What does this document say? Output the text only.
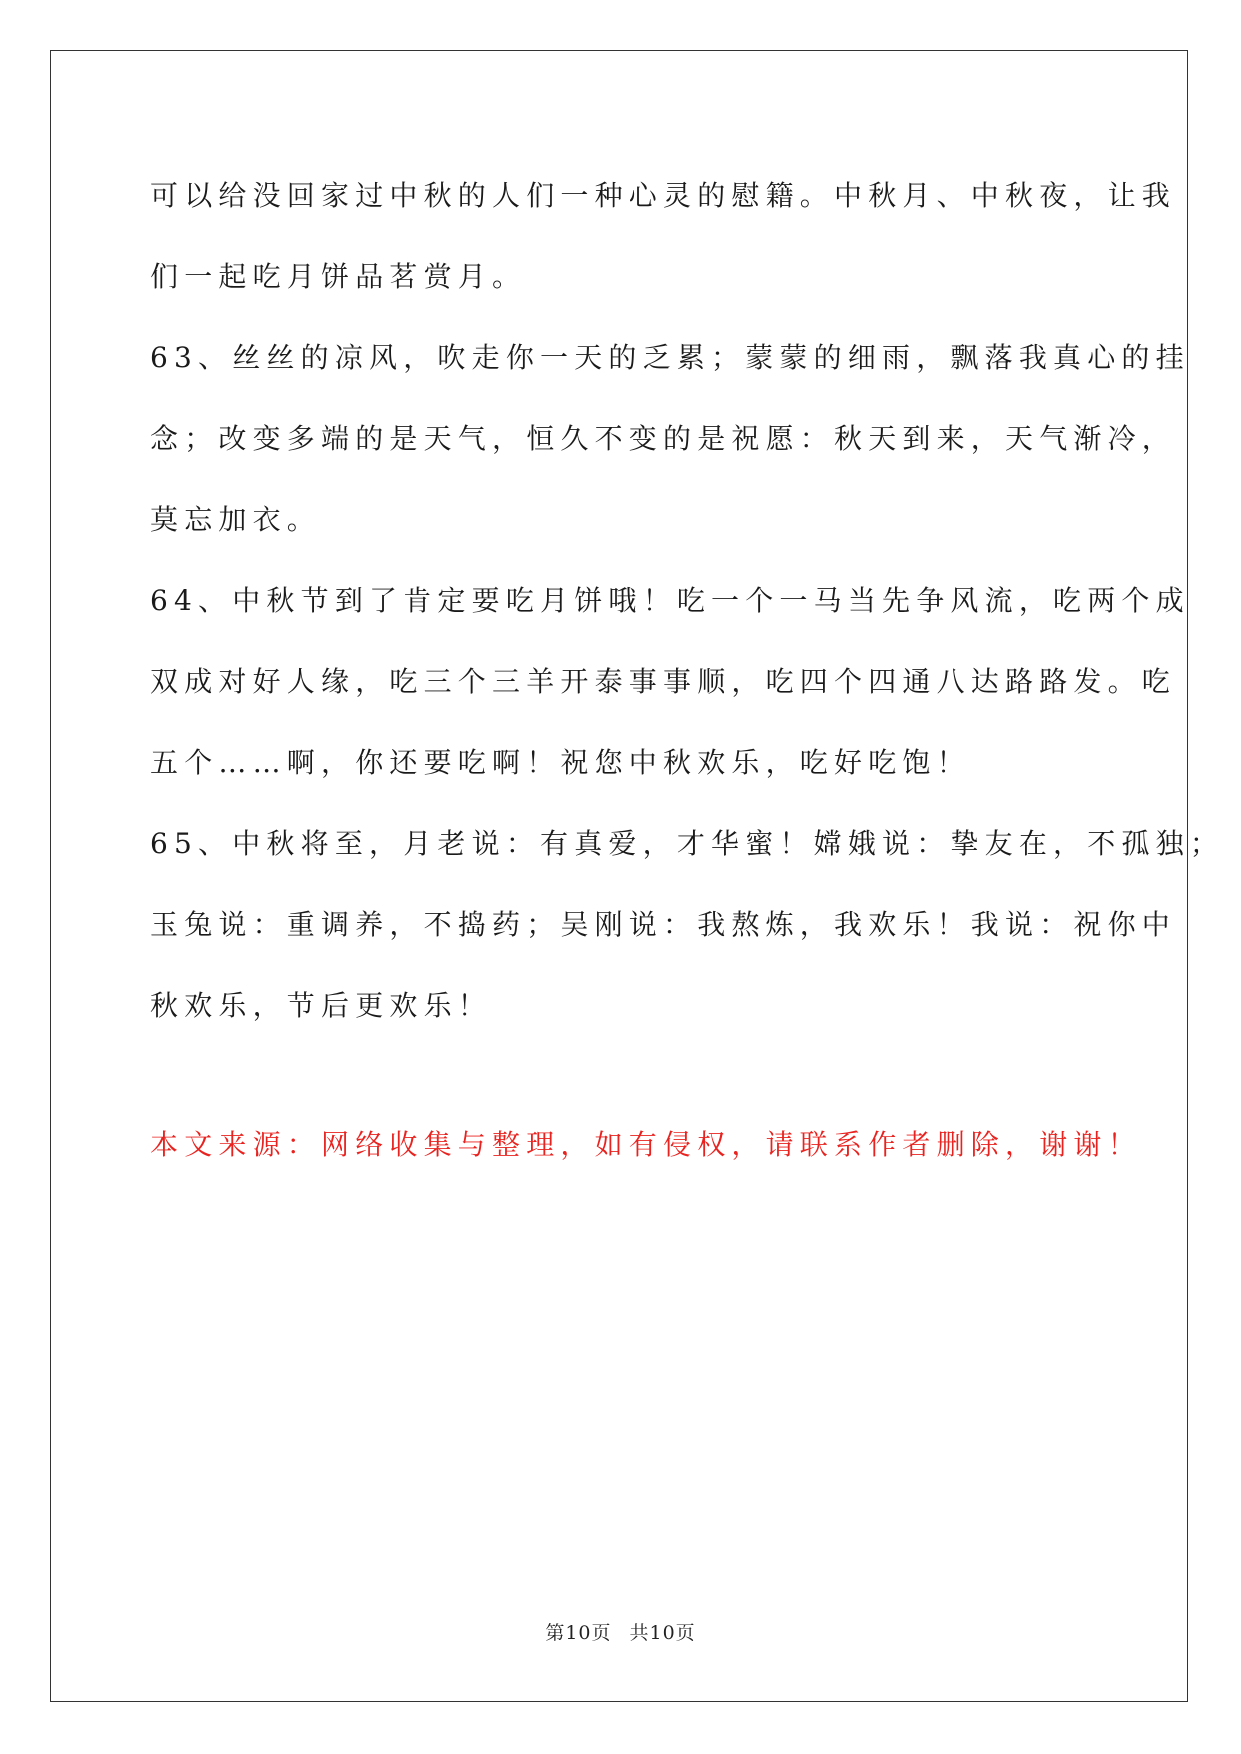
可以给没回家过中秋的人们一种心灵的慰籍。中秋月、中秋夜，让我
们一起吃月饼品茗赏月。
63、丝丝的凉风，吹走你一天的乏累；蒙蒙的细雨，飘落我真心的挂
念；改变多端的是天气，恒久不变的是祝愿：秋天到来，天气渐冷，
莫忘加衣。
64、中秋节到了肯定要吃月饼哦！吃一个一马当先争风流，吃两个成
双成对好人缘，吃三个三羊开泰事事顺，吃四个四通八达路路发。吃
五个……啊，你还要吃啊！祝您中秋欢乐，吃好吃饱！
65、中秋将至，月老说：有真爱，才华蜜！嫦娥说：挚友在，不孤独；
玉兔说：重调养，不捣药；吴刚说：我熬炼，我欢乐！我说：祝你中
秋欢乐，节后更欢乐！
本文来源：网络收集与整理，如有侵权，请联系作者删除，谢谢！
第10页 共10页
